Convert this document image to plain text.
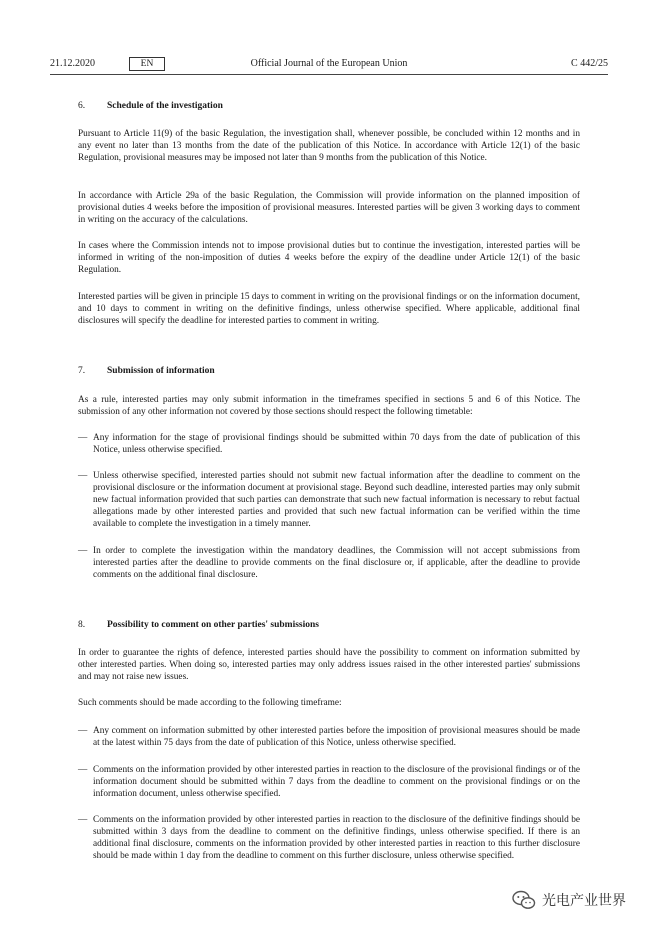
21.12.2020	EN	Official Journal of the European Union	C 442/25
6. Schedule of the investigation
Pursuant to Article 11(9) of the basic Regulation, the investigation shall, whenever possible, be concluded within 12 months and in any event no later than 13 months from the date of the publication of this Notice. In accordance with Article 12(1) of the basic Regulation, provisional measures may be imposed not later than 9 months from the publication of this Notice.
In accordance with Article 29a of the basic Regulation, the Commission will provide information on the planned imposition of provisional duties 4 weeks before the imposition of provisional measures. Interested parties will be given 3 working days to comment in writing on the accuracy of the calculations.
In cases where the Commission intends not to impose provisional duties but to continue the investigation, interested parties will be informed in writing of the non-imposition of duties 4 weeks before the expiry of the deadline under Article 12(1) of the basic Regulation.
Interested parties will be given in principle 15 days to comment in writing on the provisional findings or on the information document, and 10 days to comment in writing on the definitive findings, unless otherwise specified. Where applicable, additional final disclosures will specify the deadline for interested parties to comment in writing.
7. Submission of information
As a rule, interested parties may only submit information in the timeframes specified in sections 5 and 6 of this Notice. The submission of any other information not covered by those sections should respect the following timetable:
— Any information for the stage of provisional findings should be submitted within 70 days from the date of publication of this Notice, unless otherwise specified.
— Unless otherwise specified, interested parties should not submit new factual information after the deadline to comment on the provisional disclosure or the information document at provisional stage. Beyond such deadline, interested parties may only submit new factual information provided that such parties can demonstrate that such new factual information is necessary to rebut factual allegations made by other interested parties and provided that such new factual information can be verified within the time available to complete the investigation in a timely manner.
— In order to complete the investigation within the mandatory deadlines, the Commission will not accept submissions from interested parties after the deadline to provide comments on the final disclosure or, if applicable, after the deadline to provide comments on the additional final disclosure.
8. Possibility to comment on other parties' submissions
In order to guarantee the rights of defence, interested parties should have the possibility to comment on information submitted by other interested parties. When doing so, interested parties may only address issues raised in the other interested parties' submissions and may not raise new issues.
Such comments should be made according to the following timeframe:
— Any comment on information submitted by other interested parties before the imposition of provisional measures should be made at the latest within 75 days from the date of publication of this Notice, unless otherwise specified.
— Comments on the information provided by other interested parties in reaction to the disclosure of the provisional findings or of the information document should be submitted within 7 days from the deadline to comment on the provisional findings or on the information document, unless otherwise specified.
— Comments on the information provided by other interested parties in reaction to the disclosure of the definitive findings should be submitted within 3 days from the deadline to comment on the definitive findings, unless otherwise specified. If there is an additional final disclosure, comments on the information provided by other interested parties in reaction to this further disclosure should be made within 1 day from the deadline to comment on this further disclosure, unless otherwise specified.
光电产业世界
